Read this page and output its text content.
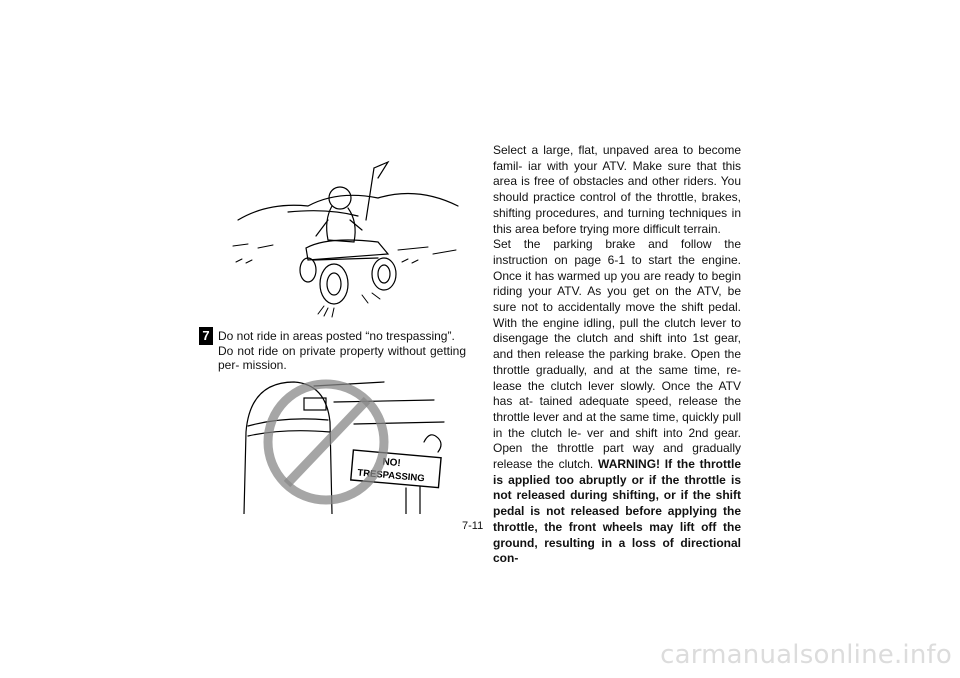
7 Do not ride in areas posted “no trespassing”.

Do not ride on private property without getting per- mission.

NO!
TRESPASSING

Select a large, flat, unpaved area to become famil- iar with your ATV. Make sure that this area is free of obstacles and other riders. You should practice control of the throttle, brakes, shifting procedures, and turning techniques in this area before trying more difficult terrain.

Set the parking brake and follow the instruction on page 6-1 to start the engine. Once it has warmed up you are ready to begin riding your ATV. As you get on the ATV, be sure not to accidentally move the shift pedal. With the engine idling, pull the clutch lever to disengage the clutch and shift into 1st gear, and then release the parking brake. Open the throttle gradually, and at the same time, re- lease the clutch lever slowly. Once the ATV has at- tained adequate speed, release the throttle lever and at the same time, quickly pull in the clutch le- ver and shift into 2nd gear. Open the throttle part way and gradually release the clutch. WARNING! If the throttle is applied too abruptly or if the throttle is not released during shifting, or if the shift pedal is not released before applying the throttle, the front wheels may lift off the ground, resulting in a loss of directional con-

7-11
carmanualsonline.info
